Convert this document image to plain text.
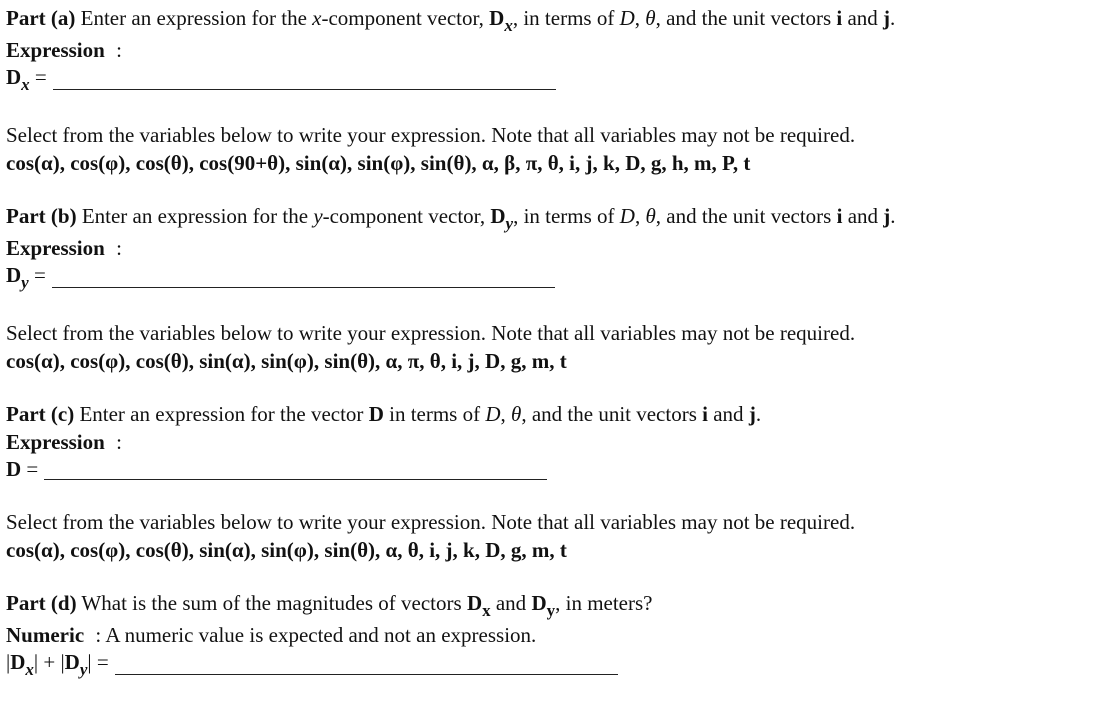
Part (a) Enter an expression for the x-component vector, $D_x$, in terms of D, θ, and the unit vectors i and j.
Expression :
$D_x$ =
Select from the variables below to write your expression. Note that all variables may not be required.
cos(α), cos(φ), cos(θ), cos(90+θ), sin(α), sin(φ), sin(θ), α, β, π, θ, i, j, k, D, g, h, m, P, t
Part (b) Enter an expression for the y-component vector, $D_y$, in terms of D, θ, and the unit vectors i and j.
Expression :
$D_y$ =
Select from the variables below to write your expression. Note that all variables may not be required.
cos(α), cos(φ), cos(θ), sin(α), sin(φ), sin(θ), α, π, θ, i, j, D, g, m, t
Part (c) Enter an expression for the vector D in terms of D, θ, and the unit vectors i and j.
Expression :
D =
Select from the variables below to write your expression. Note that all variables may not be required.
cos(α), cos(φ), cos(θ), sin(α), sin(φ), sin(θ), α, θ, i, j, k, D, g, m, t
Part (d) What is the sum of the magnitudes of vectors $D_x$ and $D_y$, in meters?
Numeric : A numeric value is expected and not an expression.
$|D_x| + |D_y|$ =
